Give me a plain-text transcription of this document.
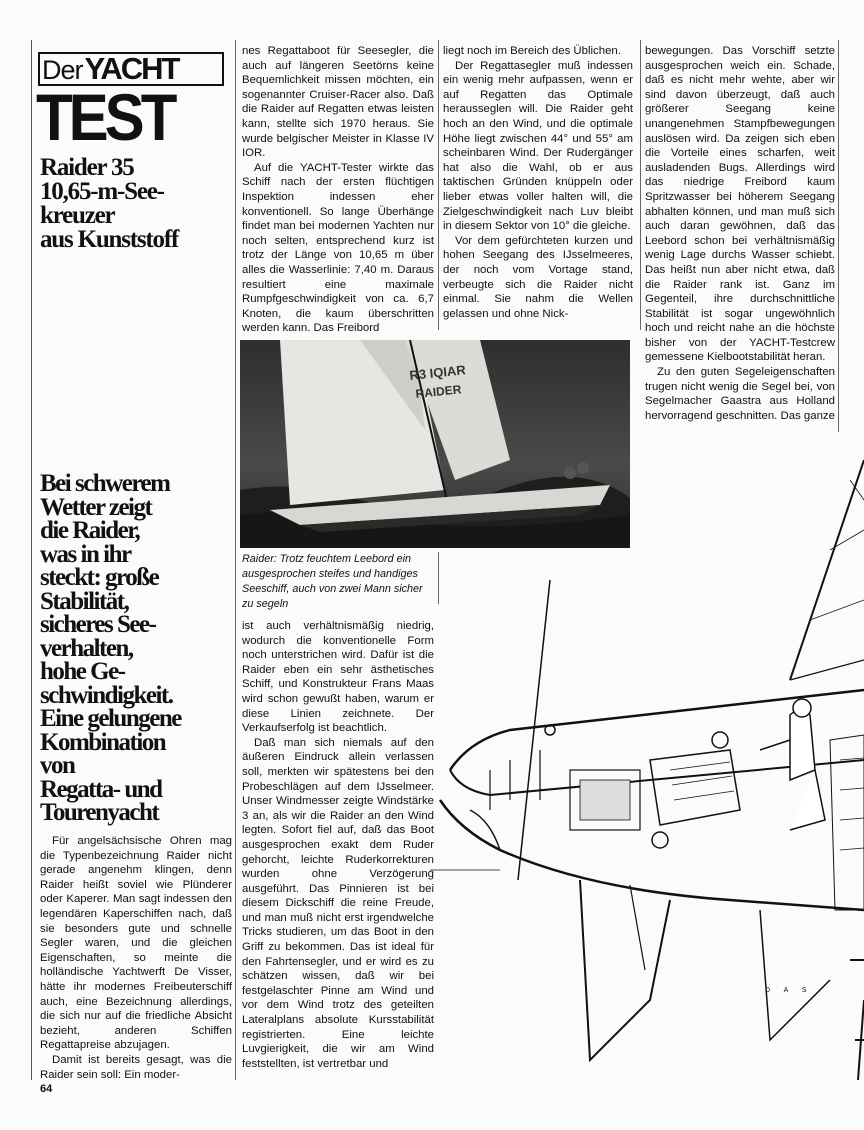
DerYACHT
TEST
Raider 35
10,65-m-See-
kreuzer
aus Kunststoff
Bei schwerem
Wetter zeigt
die Raider,
was in ihr
steckt: große
Stabilität,
sicheres See-
verhalten,
hohe Ge-
schwindigkeit.
Eine gelungene
Kombination
von
Regatta- und
Tourenyacht

Für angelsächsische Ohren mag die Typenbezeichnung Raider nicht gerade angenehm klingen, denn Raider heißt soviel wie Plünderer oder Kaperer. Man sagt indessen den legendären Kaperschiffen nach, daß sie besonders gute und schnelle Segler waren, und die gleichen Eigenschaften, so meinte die holländische Yachtwerft De Visser, hätte ihr modernes Freibeuterschiff auch, eine Bezeichnung allerdings, die sich nur auf die friedliche Absicht bezieht, anderen Schiffen Regattapreise abzujagen.

Damit ist bereits gesagt, was die Raider sein soll: Ein moder-

nes Regattaboot für Seesegler, die auch auf längeren Seetörns keine Bequemlichkeit missen möchten, ein sogenannter Cruiser-Racer also. Daß die Raider auf Regatten etwas leisten kann, stellte sich 1970 heraus. Sie wurde belgischer Meister in Klasse IV IOR.

Auf die YACHT-Tester wirkte das Schiff nach der ersten flüchtigen Inspektion indessen eher konventionell. So lange Überhänge findet man bei modernen Yachten nur noch selten, entsprechend kurz ist trotz der Länge von 10,65 m über alles die Wasserlinie: 7,40 m. Daraus resultiert eine maximale Rumpfgeschwindigkeit von ca. 6,7 Knoten, die kaum überschritten werden kann. Das Freibord

liegt noch im Bereich des Üblichen.

Der Regattasegler muß indessen ein wenig mehr aufpassen, wenn er auf Regatten das Optimale herausseglen will. Die Raider geht hoch an den Wind, und die optimale Höhe liegt zwischen 44° und 55° am scheinbaren Wind. Der Rudergänger hat also die Wahl, ob er aus taktischen Gründen knüppeln oder lieber etwas voller halten will, die Zielgeschwindigkeit nach Luv bleibt in diesem Sektor von 10° die gleiche.

Vor dem gefürchteten kurzen und hohen Seegang des IJsselmeeres, der noch vom Vortage stand, verbeugte sich die Raider nicht einmal. Sie nahm die Wellen gelassen und ohne Nick-

bewegungen. Das Vorschiff setzte ausgesprochen weich ein. Schade, daß es nicht mehr wehte, aber wir sind davon überzeugt, daß auch größerer Seegang keine unangenehmen Stampfbewegungen auslösen wird. Da zeigen sich eben die Vorteile eines scharfen, weit ausladenden Bugs. Allerdings wird das niedrige Freibord kaum Spritzwasser bei höherem Seegang abhalten können, und man muß sich auch daran gewöhnen, daß das Leebord schon bei verhältnismäßig wenig Lage durchs Wasser schiebt. Das heißt nun aber nicht etwa, daß die Raider rank ist. Ganz im Gegenteil, ihre durchschnittliche Stabilität ist sogar ungewöhnlich hoch und reicht nahe an die höchste bisher von der YACHT-Testcrew gemessene Kielbootstabilität heran.

Zu den guten Segeleigenschaften trugen nicht wenig die Segel bei, von Segelmacher Gaastra aus Holland hervorragend geschnitten. Das ganze

R3 IQIAR
RAIDER
Raider: Trotz feuchtem Leebord ein ausgesprochen steifes und handiges Seeschiff, auch von zwei Mann sicher zu segeln

ist auch verhältnismäßig niedrig, wodurch die konventionelle Form noch unterstrichen wird. Dafür ist die Raider eben ein sehr ästhetisches Schiff, und Konstrukteur Frans Maas wird schon gewußt haben, warum er diese Linien zeichnete. Der Verkaufserfolg ist beachtlich.

Daß man sich niemals auf den äußeren Eindruck allein verlassen soll, merkten wir spätestens bei den Probeschlägen auf dem IJsselmeer. Unser Windmesser zeigte Windstärke 3 an, als wir die Raider an den Wind legten. Sofort fiel auf, daß das Boot ausgesprochen exakt dem Ruder gehorcht, leichte Ruderkorrekturen wurden ohne Verzögerung ausgeführt. Das Pinnieren ist bei diesem Dickschiff die reine Freude, und man muß nicht erst irgendwelche Tricks studieren, um das Boot in den Griff zu bekommen. Das ist ideal für den Fahrtensegler, und er wird es zu schätzen wissen, daß wir bei festgelaschter Pinne am Wind und vor dem Wind trotz des geteilten Lateralplans absolute Kursstabilität registrierten. Eine leichte Luvgierigkeit, die wir am Wind feststellten, ist vertretbar und

D A S
64
